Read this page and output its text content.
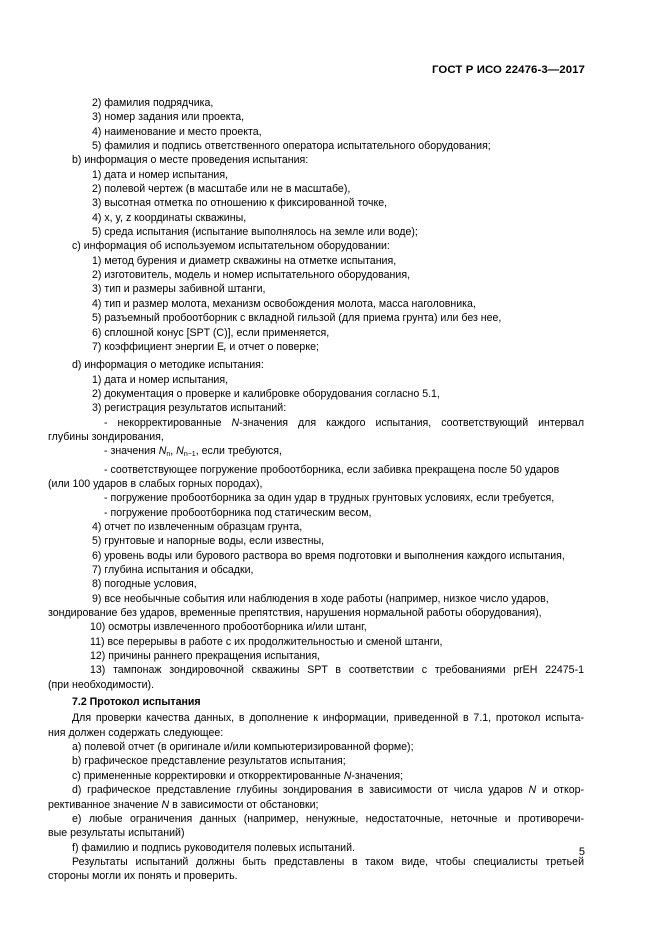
ГОСТ Р ИСО 22476-3—2017
2) фамилия подрядчика,
3) номер задания или проекта,
4) наименование и место проекта,
5) фамилия и подпись ответственного оператора испытательного оборудования;
b) информация о месте проведения испытания:
1) дата и номер испытания,
2) полевой чертеж (в масштабе или не в масштабе),
3) высотная отметка по отношению к фиксированной точке,
4) x, y, z координаты скважины,
5) среда испытания (испытание выполнялось на земле или воде);
c) информация об используемом испытательном оборудовании:
1) метод бурения и диаметр скважины на отметке испытания,
2) изготовитель, модель и номер испытательного оборудования,
3) тип и размеры забивной штанги,
4) тип и размер молота, механизм освобождения молота, масса наголовника,
5) разъемный пробоотборник с вкладной гильзой (для приема грунта) или без нее,
6) сплошной конус [SPT (C)], если применяется,
7) коэффициент энергии $E_r$ и отчет о поверке;
d) информация о методике испытания:
1) дата и номер испытания,
2) документация о проверке и калибровке оборудования согласно 5.1,
3) регистрация результатов испытаний:
- некорректированные N-значения для каждого испытания, соответствующий интервал
глубины зондирования,
- значения $N_n$, $N_{n-1}$, если требуются,
- соответствующее погружение пробоотборника, если забивка прекращена после 50 ударов
(или 100 ударов в слабых горных породах),
- погружение пробоотборника за один удар в трудных грунтовых условиях, если требуется,
- погружение пробоотборника под статическим весом,
4) отчет по извлеченным образцам грунта,
5) грунтовые и напорные воды, если известны,
6) уровень воды или бурового раствора во время подготовки и выполнения каждого испытания,
7) глубина испытания и обсадки,
8) погодные условия,
9) все необычные события или наблюдения в ходе работы (например, низкое число ударов,
зондирование без ударов, временные препятствия, нарушения нормальной работы оборудования),
10) осмотры извлеченного пробоотборника и/или штанг,
11) все перерывы в работе с их продолжительностью и сменой штанги,
12) причины раннего прекращения испытания,
13) тампонаж зондировочной скважины SPT в соответствии с требованиями prEH 22475-1
(при необходимости).
7.2 Протокол испытания
Для проверки качества данных, в дополнение к информации, приведенной в 7.1, протокол испыта-
ния должен содержать следующее:
a) полевой отчет (в оригинале и/или компьютеризированной форме);
b) графическое представление результатов испытания;
c) примененные корректировки и откорректированные N-значения;
d) графическое представление глубины зондирования в зависимости от числа ударов N и откор-
рективанное значение N в зависимости от обстановки;
e) любые ограничения данных (например, ненужные, недостаточные, неточные и противоречи-
вые результаты испытаний)
f) фамилию и подпись руководителя полевых испытаний.
Результаты испытаний должны быть представлены в таком виде, чтобы специалисты третьей
стороны могли их понять и проверить.
5
